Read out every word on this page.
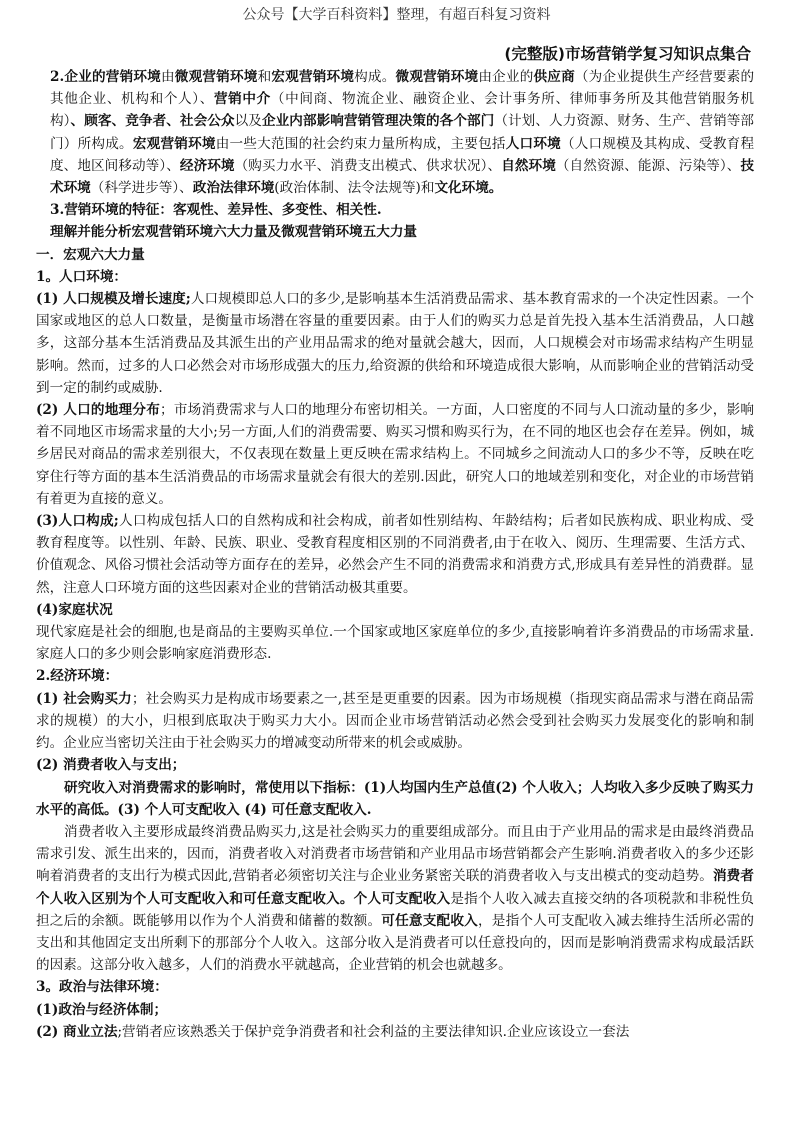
公众号【大学百科资料】整理，有超百科复习资料
(完整版)市场营销学复习知识点集合

2.企业的营销环境由微观营销环境和宏观营销环境构成。微观营销环境由企业的供应商（为企业提供生产经营要素的其他企业、机构和个人）、营销中介（中间商、物流企业、融资企业、会计事务所、律师事务所及其他营销服务机构）、顾客、竞争者、社会公众以及企业内部影响营销管理决策的各个部门（计划、人力资源、财务、生产、营销等部门）所构成。宏观营销环境由一些大范围的社会约束力量所构成，主要包括人口环境（人口规模及其构成、受教育程度、地区间移动等）、经济环境（购买力水平、消费支出模式、供求状况）、自然环境（自然资源、能源、污染等）、技术环境（科学进步等）、政治法律环境(政治体制、法令法规等)和文化环境。

3.营销环境的特征：客观性、差异性、多变性、相关性.

理解并能分析宏观营销环境六大力量及微观营销环境五大力量

一．宏观六大力量

1。人口环境：

(1) 人口规模及增长速度;人口规模即总人口的多少,是影响基本生活消费品需求、基本教育需求的一个决定性因素。一个国家或地区的总人口数量，是衡量市场潜在容量的重要因素。由于人们的购买力总是首先投入基本生活消费品，人口越多，这部分基本生活消费品及其派生出的产业用品需求的绝对量就会越大，因而，人口规模会对市场需求结构产生明显影响。然而，过多的人口必然会对市场形成强大的压力,给资源的供给和环境造成很大影响，从而影响企业的营销活动受到一定的制约或威胁.

(2) 人口的地理分布；市场消费需求与人口的地理分布密切相关。一方面，人口密度的不同与人口流动量的多少，影响着不同地区市场需求量的大小;另一方面,人们的消费需要、购买习惯和购买行为，在不同的地区也会存在差异。例如，城乡居民对商品的需求差别很大，不仅表现在数量上更反映在需求结构上。不同城乡之间流动人口的多少不等，反映在吃穿住行等方面的基本生活消费品的市场需求量就会有很大的差别.因此，研究人口的地域差别和变化，对企业的市场营销有着更为直接的意义。

(3)人口构成;人口构成包括人口的自然构成和社会构成，前者如性别结构、年龄结构；后者如民族构成、职业构成、受教育程度等。以性别、年龄、民族、职业、受教育程度相区别的不同消费者,由于在收入、阅历、生理需要、生活方式、价值观念、风俗习惯社会活动等方面存在的差异，必然会产生不同的消费需求和消费方式,形成具有差异性的消费群。显然，注意人口环境方面的这些因素对企业的营销活动极其重要。

(4)家庭状况

现代家庭是社会的细胞,也是商品的主要购买单位.一个国家或地区家庭单位的多少,直接影响着许多消费品的市场需求量.家庭人口的多少则会影响家庭消费形态.

2.经济环境：

(1) 社会购买力；社会购买力是构成市场要素之一,甚至是更重要的因素。因为市场规模（指现实商品需求与潜在商品需求的规模）的大小，归根到底取决于购买力大小。因而企业市场营销活动必然会受到社会购买力发展变化的影响和制约。企业应当密切关注由于社会购买力的增减变动所带来的机会或威胁。

(2) 消费者收入与支出；

研究收入对消费需求的影响时，常使用以下指标：(1)人均国内生产总值(2) 个人收入；人均收入多少反映了购买力水平的高低。(3) 个人可支配收入 (4) 可任意支配收入.

消费者收入主要形成最终消费品购买力,这是社会购买力的重要组成部分。而且由于产业用品的需求是由最终消费品需求引发、派生出来的，因而，消费者收入对消费者市场营销和产业用品市场营销都会产生影响.消费者收入的多少还影响着消费者的支出行为模式因此,营销者必须密切关注与企业业务紧密关联的消费者收入与支出模式的变动趋势。消费者个人收入区别为个人可支配收入和可任意支配收入。个人可支配收入是指个人收入减去直接交纳的各项税款和非税性负担之后的余额。既能够用以作为个人消费和储蓄的数额。可任意支配收入，是指个人可支配收入减去维持生活所必需的支出和其他固定支出所剩下的那部分个人收入。这部分收入是消费者可以任意投向的，因而是影响消费需求构成最活跃的因素。这部分收入越多，人们的消费水平就越高，企业营销的机会也就越多。

3。政治与法律环境：

(1)政治与经济体制；

(2) 商业立法;营销者应该熟悉关于保护竞争消费者和社会利益的主要法律知识.企业应该设立一套法
